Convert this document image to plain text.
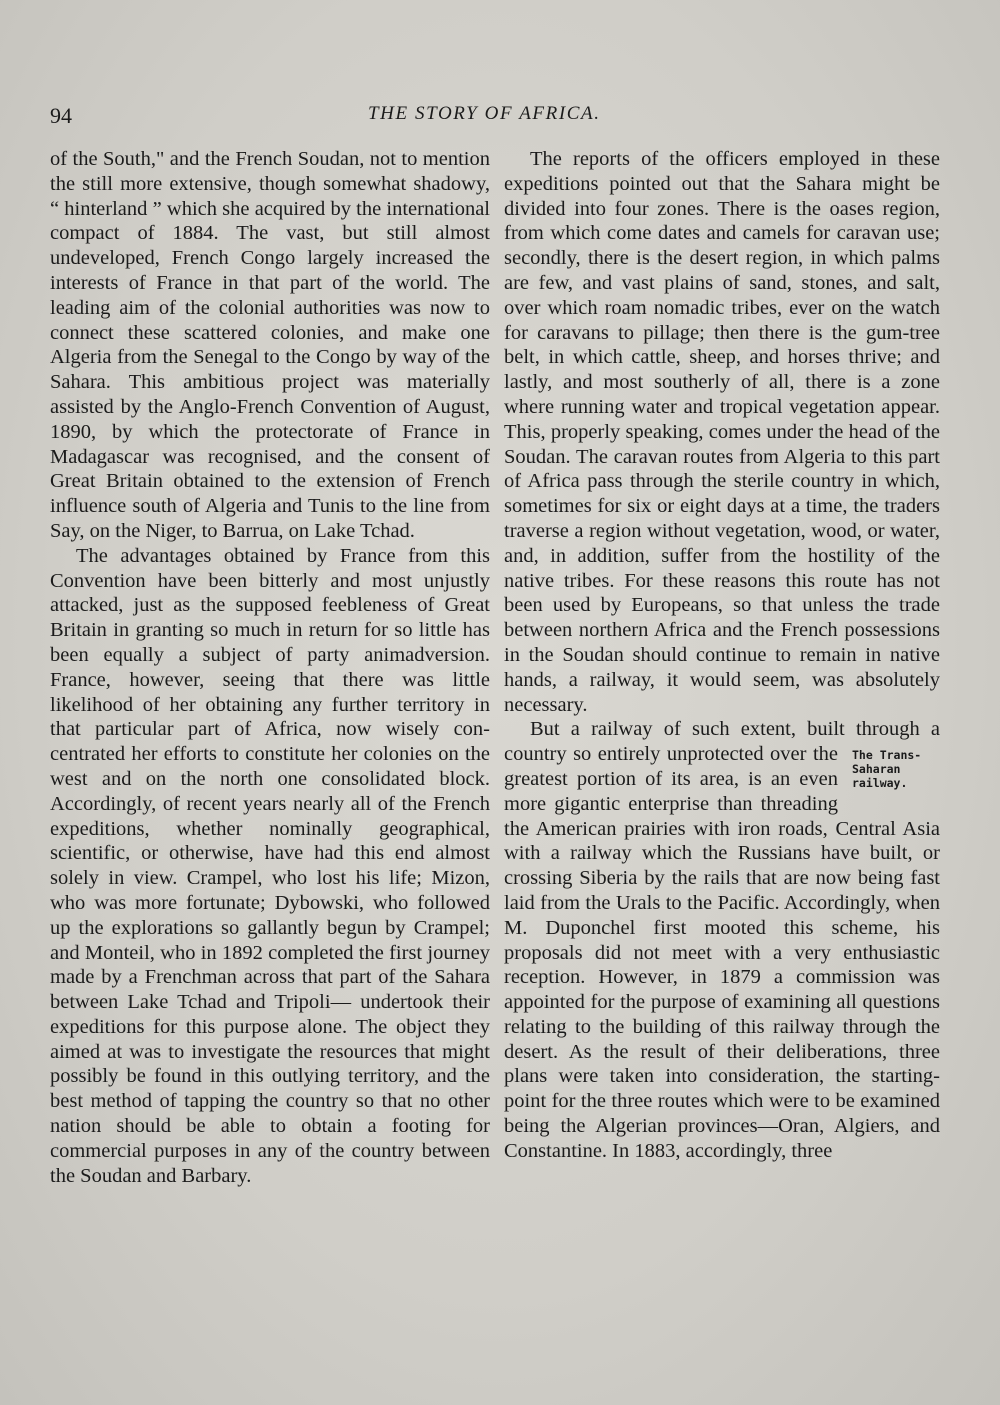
94	THE STORY OF AFRICA.

of the South," and the French Soudan, not to mention the still more extensive, though somewhat shadowy, “ hinterland ” which she acquired by the international compact of 1884. The vast, but still almost undeveloped, French Congo largely increased the interests of France in that part of the world. The leading aim of the colonial authorities was now to connect these scattered colonies, and make one Algeria from the Senegal to the Congo by way of the Sahara. This ambitious project was materially assisted by the Anglo-French Convention of August, 1890, by which the protectorate of France in Madagascar was recognised, and the consent of Great Britain obtained to the extension of French influence south of Algeria and Tunis to the line from Say, on the Niger, to Barrua, on Lake Tchad.

The advantages obtained by France from this Convention have been bitterly and most unjustly attacked, just as the supposed feebleness of Great Britain in granting so much in return for so little has been equally a subject of party animadversion. France, however, seeing that there was little likelihood of her obtaining any further territory in that particular part of Africa, now wisely concentrated her efforts to constitute her colonies on the west and on the north one consolidated block. Accordingly, of recent years nearly all of the French expeditions, whether nominally geographical, scientific, or otherwise, have had this end almost solely in view. Crampel, who lost his life; Mizon, who was more fortunate; Dybowski, who followed up the explorations so gallantly begun by Crampel; and Monteil, who in 1892 completed the first journey made by a Frenchman across that part of the Sahara between Lake Tchad and Tripoli— undertook their expeditions for this purpose alone. The object they aimed at was to investigate the resources that might possibly be found in this outlying territory, and the best method of tapping the country so that no other nation should be able to obtain a footing for commercial purposes in any of the country between the Soudan and Barbary.

The reports of the officers employed in these expeditions pointed out that the Sahara might be divided into four zones. There is the oases region, from which come dates and camels for caravan use; secondly, there is the desert region, in which palms are few, and vast plains of sand, stones, and salt, over which roam nomadic tribes, ever on the watch for caravans to pillage; then there is the gum-tree belt, in which cattle, sheep, and horses thrive; and lastly, and most southerly of all, there is a zone where running water and tropical vegetation appear. This, properly speaking, comes under the head of the Soudan. The caravan routes from Algeria to this part of Africa pass through the sterile country in which, sometimes for six or eight days at a time, the traders traverse a region without vegetation, wood, or water, and, in addition, suffer from the hostility of the native tribes. For these reasons this route has not been used by Europeans, so that unless the trade between northern Africa and the French possessions in the Soudan should continue to remain in native hands, a railway, it would seem, was absolutely necessary.

But a railway of such extent, built through a country so entirely unprotected over the The Trans-Saharan railway.
greatest portion of its area, is an even more gigantic enterprise than threading the American prairies with iron roads, Central Asia with a railway which the Russians have built, or crossing Siberia by the rails that are now being fast laid from the Urals to the Pacific. Accordingly, when M. Duponchel first mooted this scheme, his proposals did not meet with a very enthusiastic reception. However, in 1879 a commission was appointed for the purpose of examining all questions relating to the building of this railway through the desert. As the result of their deliberations, three plans were taken into consideration, the starting-point for the three routes which were to be examined being the Algerian provinces—Oran, Algiers, and Constantine. In 1883, accordingly, three
